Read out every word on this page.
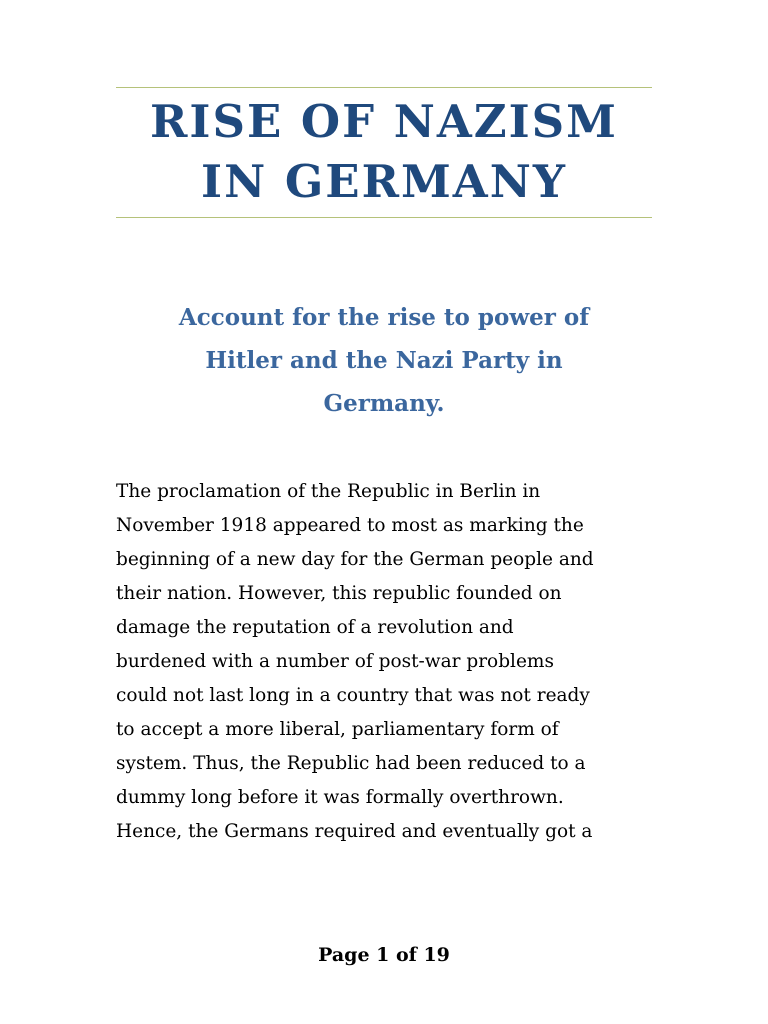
RISE OF NAZISM
IN GERMANY
Account for the rise to power of
Hitler and the Nazi Party in
Germany.
The proclamation of the Republic in Berlin in
November 1918 appeared to most as marking the
beginning of a new day for the German people and
their nation. However, this republic founded on
damage the reputation of a revolution and
burdened with a number of post-war problems
could not last long in a country that was not ready
to accept a more liberal, parliamentary form of
system. Thus, the Republic had been reduced to a
dummy long before it was formally overthrown.
Hence, the Germans required and eventually got a
Page 1 of 19
